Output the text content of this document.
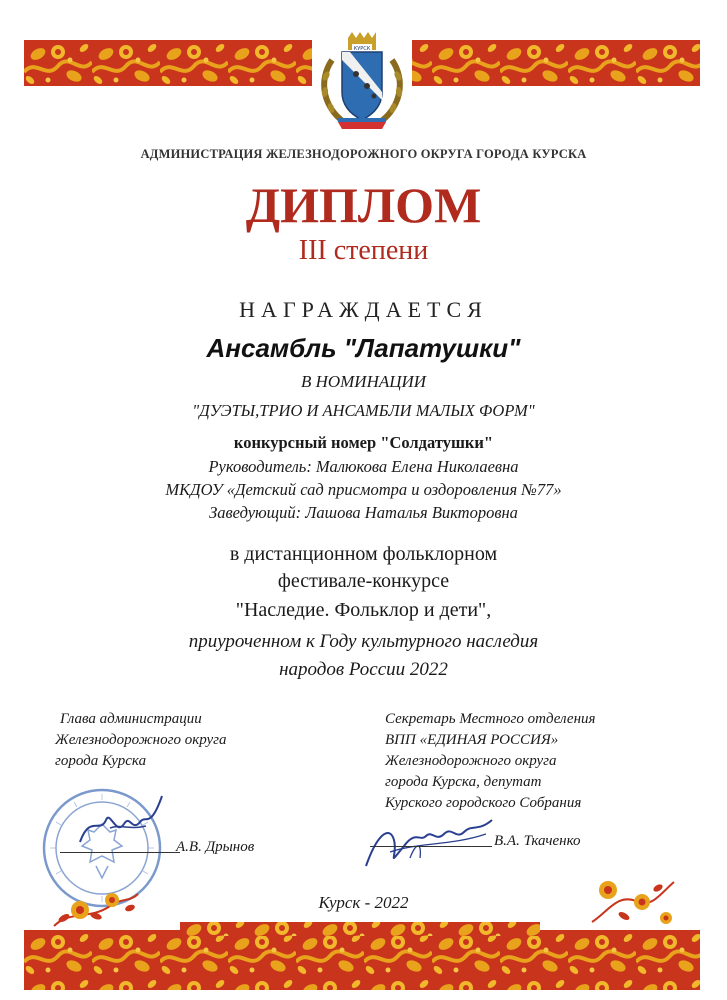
КУРСК
АДМИНИСТРАЦИЯ ЖЕЛЕЗНОДОРОЖНОГО ОКРУГА ГОРОДА КУРСКА
ДИПЛОМ
III степени
НАГРАЖДАЕТСЯ
Ансамбль "Лапатушки"
В НОМИНАЦИИ
"ДУЭТЫ,ТРИО И АНСАМБЛИ МАЛЫХ ФОРМ"
конкурсный номер "Солдатушки"
Руководитель: Малюкова Елена Николаевна
МКДОУ «Детский сад присмотра и оздоровления №77»
Заведующий: Лашова Наталья Викторовна
в дистанционном фольклорном
фестивале-конкурсе
"Наследие. Фольклор и дети",
приуроченном к Году культурного наследия
народов России 2022
Глава администрации
Железнодорожного округа
города Курска
А.В. Дрынов
Секретарь Местного отделения
ВПП «ЕДИНАЯ РОССИЯ»
Железнодорожного округа
города Курска, депутат
Курского городского Собрания
В.А. Ткаченко
Курск - 2022
